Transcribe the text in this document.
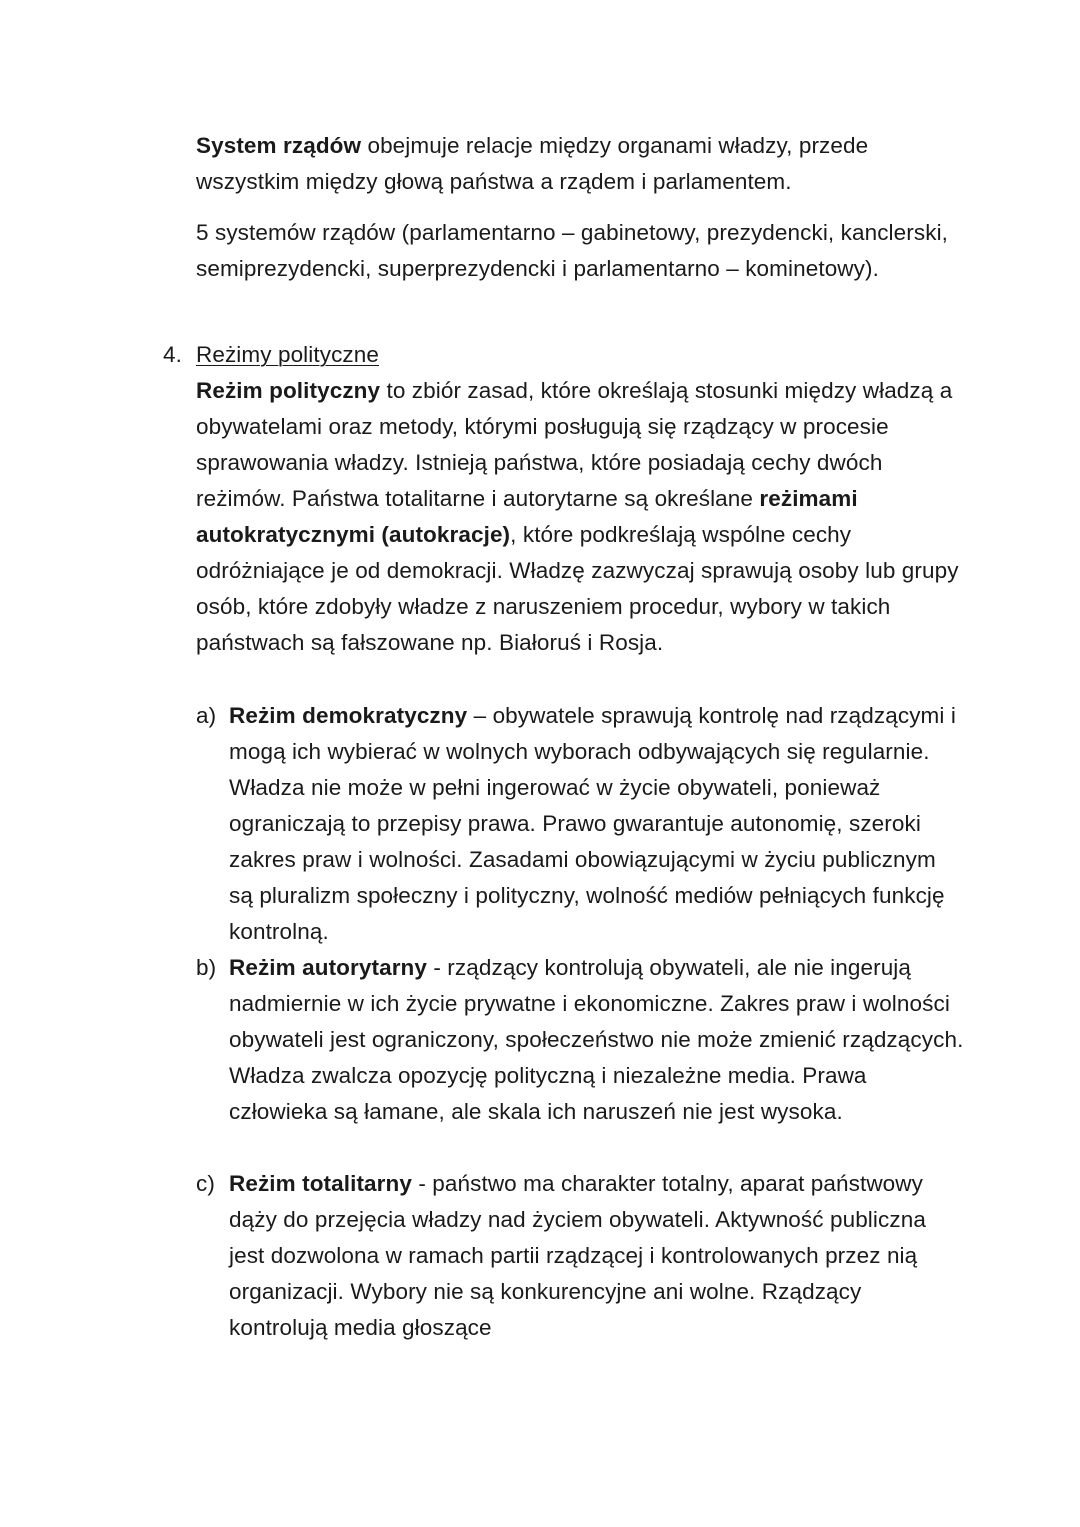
System rządów obejmuje relacje między organami władzy, przede wszystkim między głową państwa a rządem i parlamentem.

5 systemów rządów (parlamentarno – gabinetowy, prezydencki, kanclerski, semiprezydencki, superprezydencki i parlamentarno – kominetowy).

4. Reżimy polityczne

Reżim polityczny to zbiór zasad, które określają stosunki między władzą a obywatelami oraz metody, którymi posługują się rządzący w procesie sprawowania władzy. Istnieją państwa, które posiadają cechy dwóch reżimów. Państwa totalitarne i autorytarne są określane reżimami autokratycznymi (autokracje), które podkreślają wspólne cechy odróżniające je od demokracji. Władzę zazwyczaj sprawują osoby lub grupy osób, które zdobyły władze z naruszeniem procedur, wybory w takich państwach są fałszowane np. Białoruś i Rosja.

a) Reżim demokratyczny – obywatele sprawują kontrolę nad rządzącymi i mogą ich wybierać w wolnych wyborach odbywających się regularnie. Władza nie może w pełni ingerować w życie obywateli, ponieważ ograniczają to przepisy prawa. Prawo gwarantuje autonomię, szeroki zakres praw i wolności. Zasadami obowiązującymi w życiu publicznym są pluralizm społeczny i polityczny, wolność mediów pełniących funkcję kontrolną.

b) Reżim autorytarny - rządzący kontrolują obywateli, ale nie ingerują nadmiernie w ich życie prywatne i ekonomiczne. Zakres praw i wolności obywateli jest ograniczony, społeczeństwo nie może zmienić rządzących. Władza zwalcza opozycję polityczną i niezależne media. Prawa człowieka są łamane, ale skala ich naruszeń nie jest wysoka.

c) Reżim totalitarny - państwo ma charakter totalny, aparat państwowy dąży do przejęcia władzy nad życiem obywateli. Aktywność publiczna jest dozwolona w ramach partii rządzącej i kontrolowanych przez nią organizacji. Wybory nie są konkurencyjne ani wolne. Rządzący kontrolują media głoszące
